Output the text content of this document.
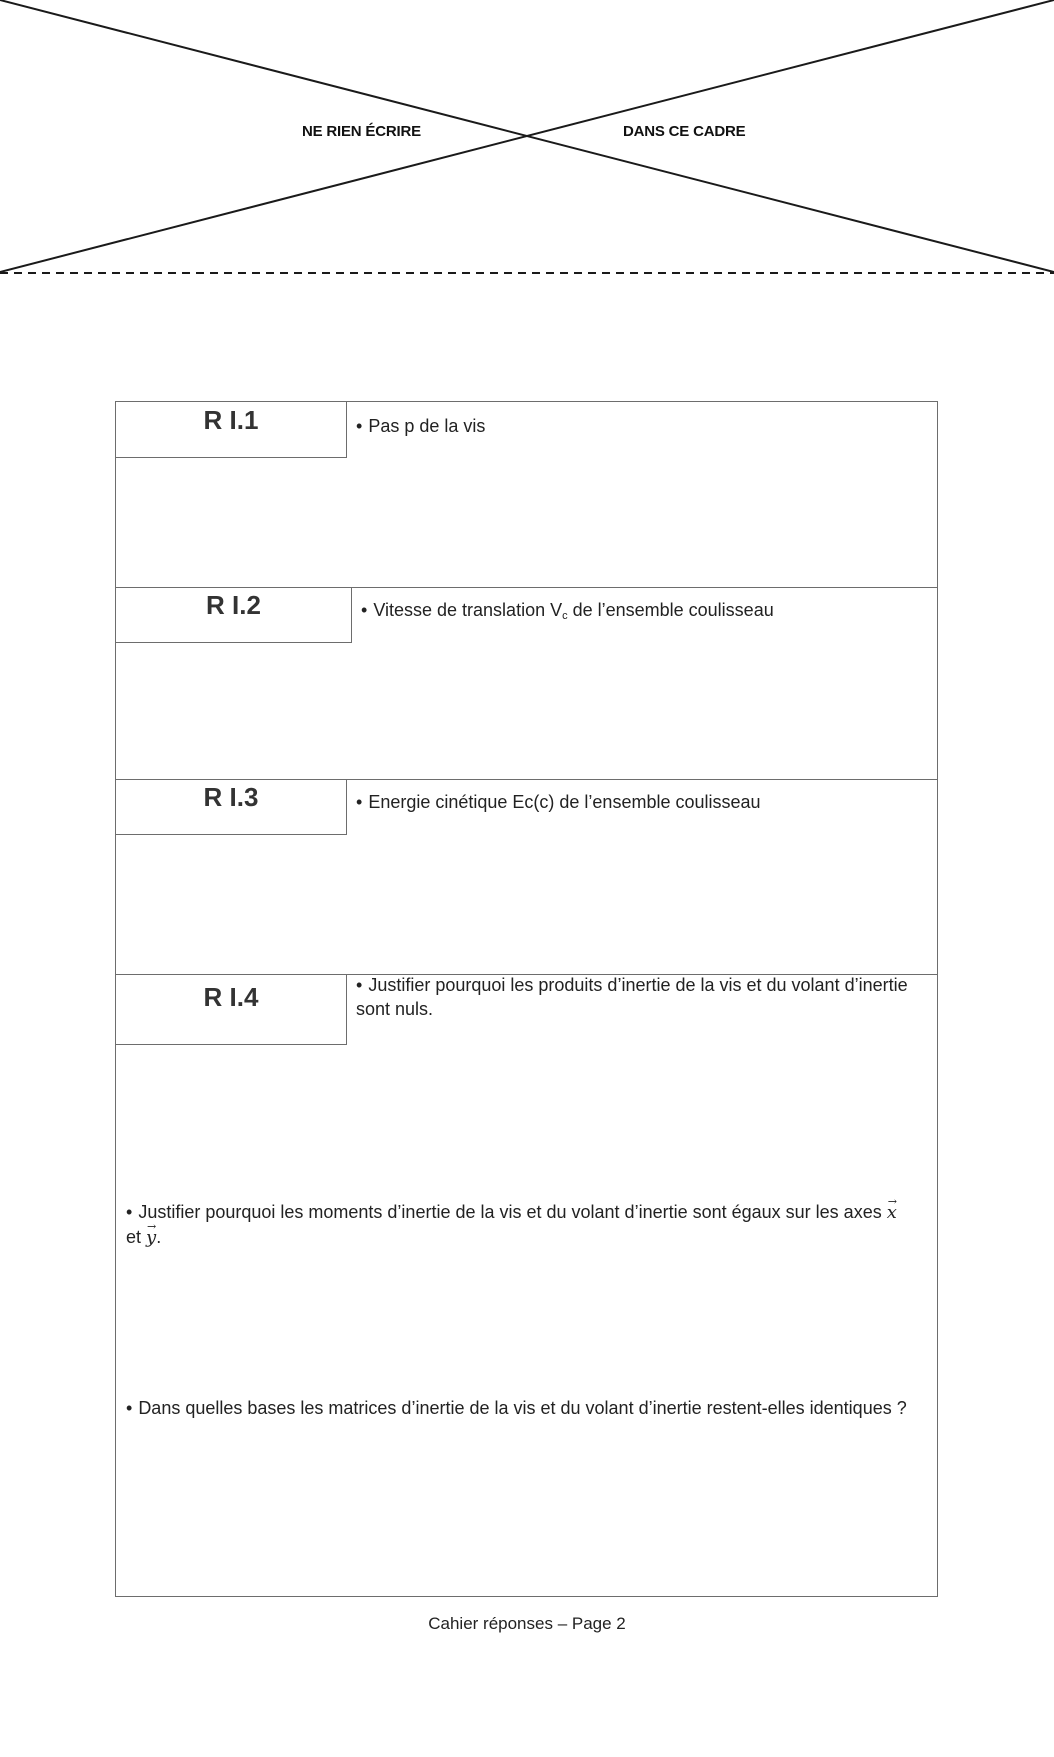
NE RIEN ÉCRIRE	DANS CE CADRE
R I.1	• Pas p de la vis
R I.2	• Vitesse de translation $V_c$ de l’ensemble coulisseau
R I.3	• Energie cinétique Ec(c) de l’ensemble coulisseau
R I.4	• Justifier pourquoi les produits d’inertie de la vis et du volant d’inertie sont nuls.
• Justifier pourquoi les moments d’inertie de la vis et du volant d’inertie sont égaux sur les axes → x et → y.
• Dans quelles bases les matrices d’inertie de la vis et du volant d’inertie restent-elles identiques ?
Cahier réponses – Page 2
